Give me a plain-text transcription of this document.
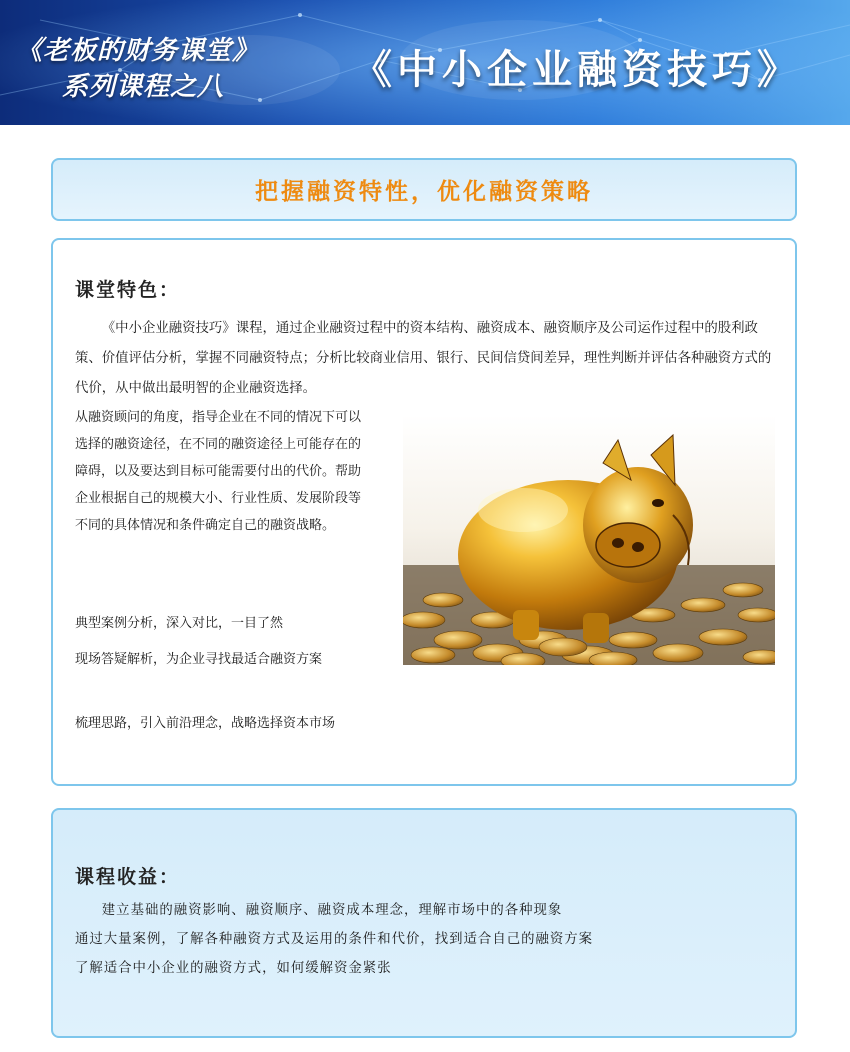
《老板的财务课堂》
系列课程之八	《中小企业融资技巧》
把握融资特性，优化融资策略
课堂特色：

《中小企业融资技巧》课程，通过企业融资过程中的资本结构、融资成本、融资顺序及公司运作过程中的股利政策、价值评估分析，掌握不同融资特点；分析比较商业信用、银行、民间信贷间差异，理性判断并评估各种融资方式的代价，从中做出最明智的企业融资选择。

从融资顾问的角度，指导企业在不同的情况下可以选择的融资途径，在不同的融资途径上可能存在的障碍，以及要达到目标可能需要付出的代价。帮助企业根据自己的规模大小、行业性质、发展阶段等不同的具体情况和条件确定自己的融资战略。

典型案例分析，深入对比，一目了然
现场答疑解析，为企业寻找最适合融资方案
梳理思路，引入前沿理念，战略选择资本市场
课程收益：

建立基础的融资影响、融资顺序、融资成本理念，理解市场中的各种现象

通过大量案例，了解各种融资方式及运用的条件和代价，找到适合自己的融资方案

了解适合中小企业的融资方式，如何缓解资金紧张
